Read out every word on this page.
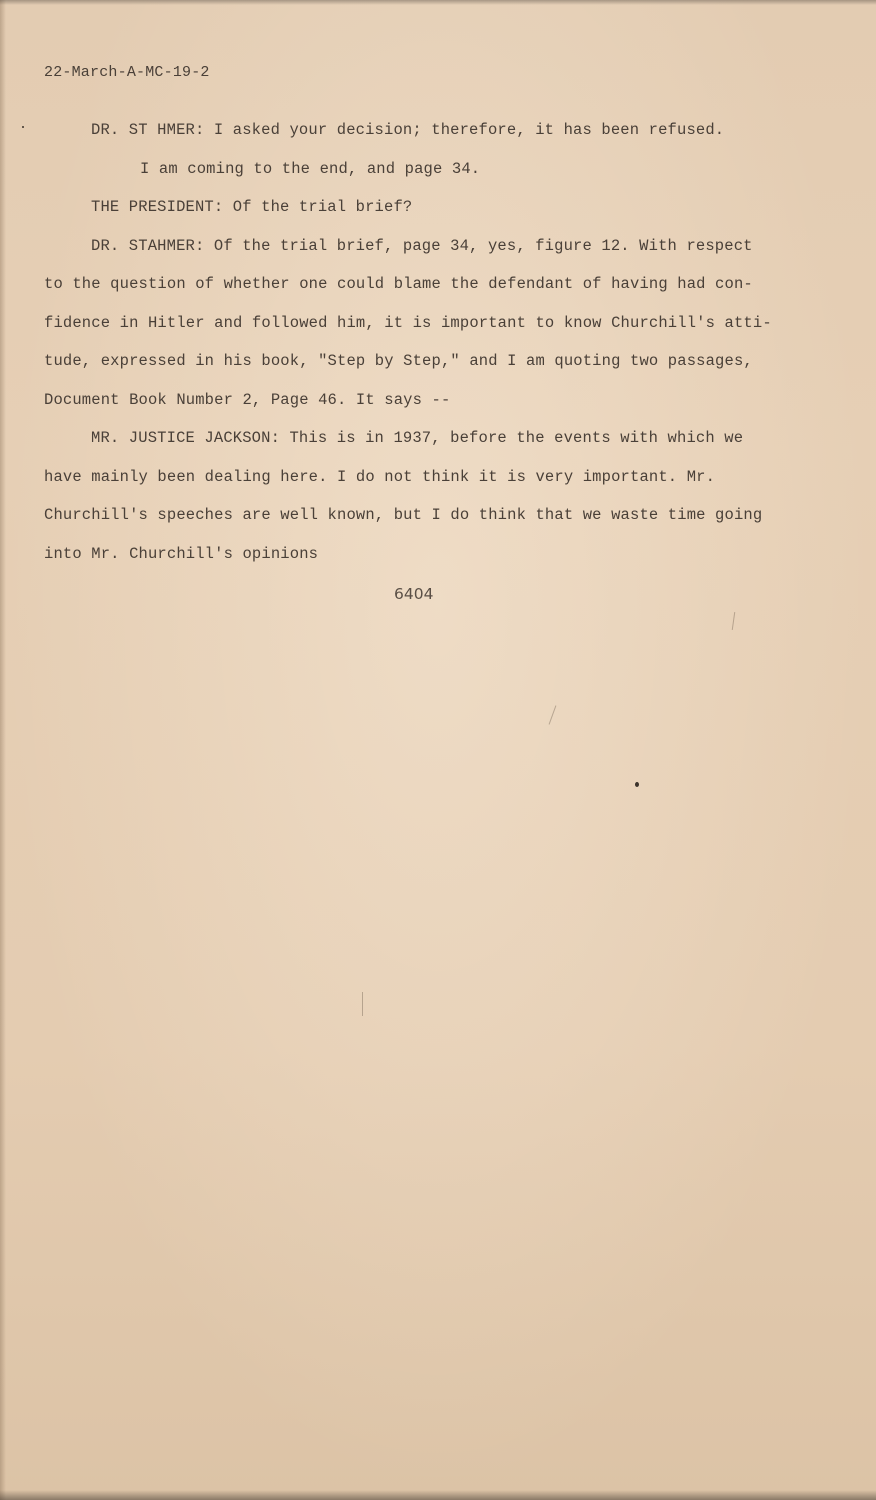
22-March-A-MC-19-2
DR. ST HMER: I asked your decision; therefore, it has been refused.
I am coming to the end, and page 34.
THE PRESIDENT: Of the trial brief?
DR. STAHMER: Of the trial brief, page 34, yes, figure 12. With respect
to the question of whether one could blame the defendant of having had con-
fidence in Hitler and followed him, it is important to know Churchill's atti-
tude, expressed in his book, "Step by Step," and I am quoting two passages,
Document Book Number 2, Page 46. It says --
MR. JUSTICE JACKSON: This is in 1937, before the events with which we
have mainly been dealing here. I do not think it is very important. Mr.
Churchill's speeches are well known, but I do think that we waste time going
into Mr. Churchill's opinions
6404
